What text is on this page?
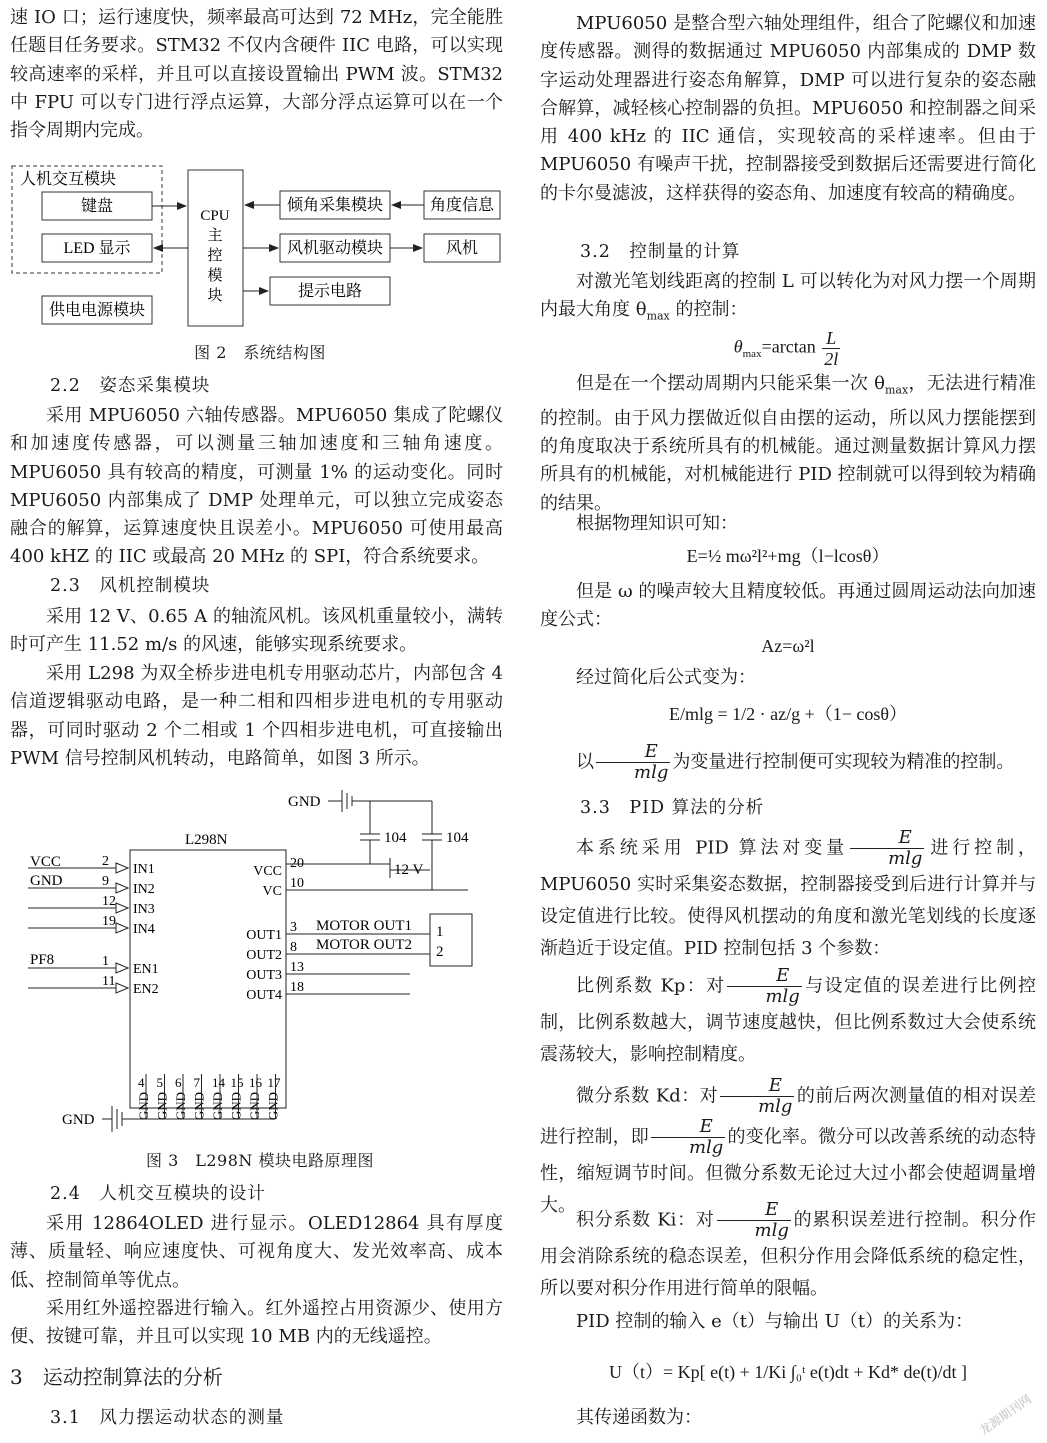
速 IO 口；运行速度快，频率最高可达到 72 MHz，完全能胜任题目任务要求。STM32 不仅内含硬件 IIC 电路，可以实现较高速率的采样，并且可以直接设置输出 PWM 波。STM32 中 FPU 可以专门进行浮点运算，大部分浮点运算可以在一个指令周期内完成。

人机交互模块
键盘
LED 显示
供电电源模块
CPU
主
控
模
块
倾角采集模块	角度信息
风机驱动模块	风机
提示电路

图 2　系统结构图

2.2　姿态采集模块

采用 MPU6050 六轴传感器。MPU6050 集成了陀螺仪和加速度传感器，可以测量三轴加速度和三轴角速度。MPU6050 具有较高的精度，可测量 1% 的运动变化。同时 MPU6050 内部集成了 DMP 处理单元，可以独立完成姿态融合的解算，运算速度快且误差小。MPU6050 可使用最高 400 kHZ 的 IIC 或最高 20 MHz 的 SPI，符合系统要求。

2.3　风机控制模块

采用 12 V、0.65 A 的轴流风机。该风机重量较小，满转时可产生 11.52 m/s 的风速，能够实现系统要求。

采用 L298 为双全桥步进电机专用驱动芯片，内部包含 4 信道逻辑驱动电路，是一种二相和四相步进电机的专用驱动器，可同时驱动 2 个二相或 1 个四相步进电机，可直接输出 PWM 信号控制风机转动，电路简单，如图 3 所示。

GND
104	104
L298N
VCC
GND
PF8
2
IN1
9
IN2
12
IN3
19
IN4
1
EN1
11
EN2
VCC
20
VC
10
OUT1
3
OUT2
8
OUT3
13
OUT4
18
12 V
MOTOR OUT1
MOTOR OUT2
1
2
GND
4
GND
5
GND
6
GND
7
GND
14
GND
15
GND
16
GND
17
GND

图 3　L298N 模块电路原理图

2.4　人机交互模块的设计

采用 12864OLED 进行显示。OLED12864 具有厚度薄、质量轻、响应速度快、可视角度大、发光效率高、成本低、控制简单等优点。

采用红外遥控器进行输入。红外遥控占用资源少、使用方便、按键可靠，并且可以实现 10 MB 内的无线遥控。

3　运动控制算法的分析

3.1　风力摆运动状态的测量

MPU6050 是整合型六轴处理组件，组合了陀螺仪和加速度传感器。测得的数据通过 MPU6050 内部集成的 DMP 数字运动处理器进行姿态角解算，DMP 可以进行复杂的姿态融合解算，减轻核心控制器的负担。MPU6050 和控制器之间采用 400 kHz 的 IIC 通信，实现较高的采样速率。但由于 MPU6050 有噪声干扰，控制器接受到数据后还需要进行简化的卡尔曼滤波，这样获得的姿态角、加速度有较高的精确度。

3.2　控制量的计算

对激光笔划线距离的控制 L 可以转化为对风力摆一个周期内最大角度 $\theta_{max}$ 的控制：

$\theta_{max}=\arctan \frac{L}{2l}$

但是在一个摆动周期内只能采集一次 $\theta_{max}$，无法进行精准的控制。由于风力摆做近似自由摆的运动，所以风力摆能摆到的角度取决于系统所具有的机械能。通过测量数据计算风力摆所具有的机械能，对机械能进行 PID 控制就可以得到较为精确的结果。

根据物理知识可知：

E=½ mω²l²+mg（l−lcosθ）

但是 ω 的噪声较大且精度较低。再通过圆周运动法向加速度公式：

Az=ω²l

经过简化后公式变为：

E/mlg = 1/2 · az/g +（1− cosθ）

以 $\frac{E}{mlg}$ 为变量进行控制便可实现较为精准的控制。

3.3　PID 算法的分析

本系统采用 PID 算法对变量 $\frac{E}{mlg}$ 进行控制，MPU6050 实时采集姿态数据，控制器接受到后进行计算并与设定值进行比较。使得风机摆动的角度和激光笔划线的长度逐渐趋近于设定值。PID 控制包括 3 个参数：

比例系数 Kp：对 $\frac{E}{mlg}$ 与设定值的误差进行比例控制，比例系数越大，调节速度越快，但比例系数过大会使系统震荡较大，影响控制精度。

微分系数 Kd：对 $\frac{E}{mlg}$ 的前后两次测量值的相对误差进行控制，即 $\frac{E}{mlg}$ 的变化率。微分可以改善系统的动态特性，缩短调节时间。但微分系数无论过大过小都会使超调量增大。

积分系数 Ki：对 $\frac{E}{mlg}$ 的累积误差进行控制。积分作用会消除系统的稳态误差，但积分作用会降低系统的稳定性，所以要对积分作用进行简单的限幅。

PID 控制的输入 e（t）与输出 U（t）的关系为：

U（t）= Kp[ e(t) + 1/Ki ∫₀ᵗ e(t)dt + Kd* de(t)/dt ]

其传递函数为：	龙源期刊网
